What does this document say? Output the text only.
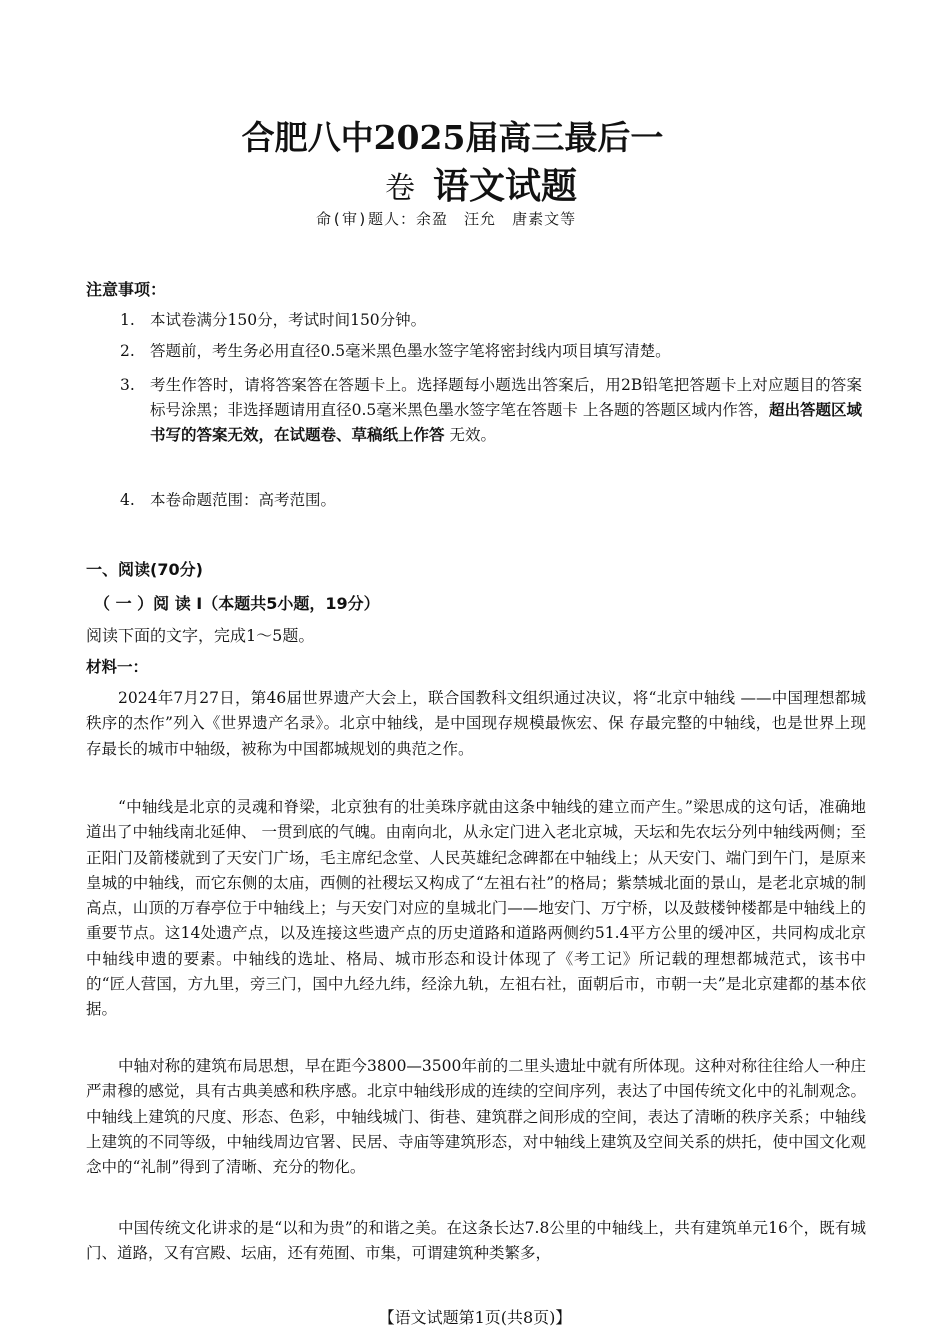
合肥八中2025届高三最后一
卷 语文试题
命(审)题人：余盈　汪允　唐素文等
注意事项：
1. 本试卷满分150分，考试时间150分钟。
2. 答题前，考生务必用直径0.5毫米黑色墨水签字笔将密封线内项目填写清楚。
3. 考生作答时，请将答案答在答题卡上。选择题每小题选出答案后，用2B铅笔把答题卡上对应题目的答案标号涂黑；非选择题请用直径0.5毫米黑色墨水签字笔在答题卡 上各题的答题区域内作答，超出答题区域书写的答案无效，在试题卷、草稿纸上作答 无效。
4. 本卷命题范围：高考范围。
一、阅读(70分)
（ 一 ）阅 读 I（本题共5小题，19分）
阅读下面的文字，完成1～5题。
材料一：
2024年7月27日，第46届世界遗产大会上，联合国教科文组织通过决议，将“北京中轴线 ——中国理想都城秩序的杰作”列入《世界遗产名录》。北京中轴线，是中国现存规模最恢宏、保 存最完整的中轴线，也是世界上现存最长的城市中轴级，被称为中国都城规划的典范之作。
“中轴线是北京的灵魂和脊梁，北京独有的壮美珠序就由这条中轴线的建立而产生。”梁思成的这句话，准确地道出了中轴线南北延伸、 一贯到底的气魄。由南向北，从永定门进入老北京城，天坛和先农坛分列中轴线两侧；至正阳门及箭楼就到了天安门广场，毛主席纪念堂、人民英雄纪念碑都在中轴线上；从天安门、端门到午门，是原来皇城的中轴线，而它东侧的太庙，西侧的社稷坛又构成了“左祖右社”的格局；紫禁城北面的景山，是老北京城的制高点，山顶的万春亭位于中轴线上；与天安门对应的皇城北门——地安门、万宁桥，以及鼓楼钟楼都是中轴线上的重要节点。这14处遗产点，以及连接这些遗产点的历史道路和道路两侧约51.4平方公里的缓冲区，共同构成北京中轴线申遗的要素。中轴线的选址、格局、城市形态和设计体现了《考工记》所记载的理想都城范式，该书中的“匠人营国，方九里，旁三门，国中九经九纬，经涂九轨，左祖右社，面朝后市，市朝一夫”是北京建都的基本依据。
中轴对称的建筑布局思想，早在距今3800—3500年前的二里头遗址中就有所体现。这种对称往往给人一种庄严肃穆的感觉，具有古典美感和秩序感。北京中轴线形成的连续的空间序列，表达了中国传统文化中的礼制观念。中轴线上建筑的尺度、形态、色彩，中轴线城门、街巷、建筑群之间形成的空间，表达了清晰的秩序关系；中轴线上建筑的不同等级，中轴线周边官署、民居、寺庙等建筑形态，对中轴线上建筑及空间关系的烘托，使中国文化观念中的“礼制”得到了清晰、充分的物化。
中国传统文化讲求的是“以和为贵”的和谐之美。在这条长达7.8公里的中轴线上，共有建筑单元16个，既有城门、道路，又有宫殿、坛庙，还有苑囿、市集，可谓建筑种类繁多，
【语文试题第1页(共8页)】
